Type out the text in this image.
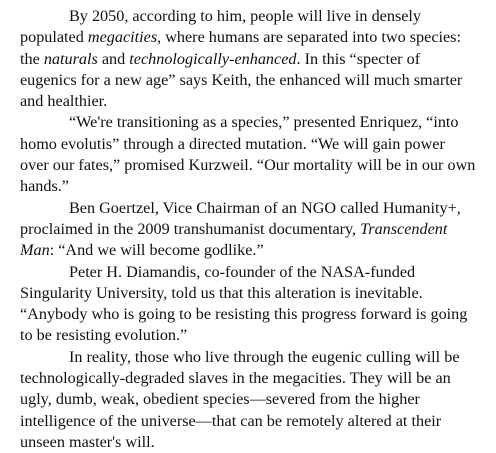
By 2050, according to him, people will live in densely
populated megacities, where humans are separated into two species:
the naturals and technologically-enhanced. In this “specter of
eugenics for a new age” says Keith, the enhanced will much smarter
and healthier.

“We're transitioning as a species,” presented Enriquez, “into
homo evolutis” through a directed mutation. “We will gain power
over our fates,” promised Kurzweil. “Our mortality will be in our own
hands.”

Ben Goertzel, Vice Chairman of an NGO called Humanity+,
proclaimed in the 2009 transhumanist documentary, Transcendent
Man: “And we will become godlike.”

Peter H. Diamandis, co-founder of the NASA-funded
Singularity University, told us that this alteration is inevitable.
“Anybody who is going to be resisting this progress forward is going
to be resisting evolution.”

In reality, those who live through the eugenic culling will be
technologically-degraded slaves in the megacities. They will be an
ugly, dumb, weak, obedient species—severed from the higher
intelligence of the universe—that can be remotely altered at their
unseen master's will.
